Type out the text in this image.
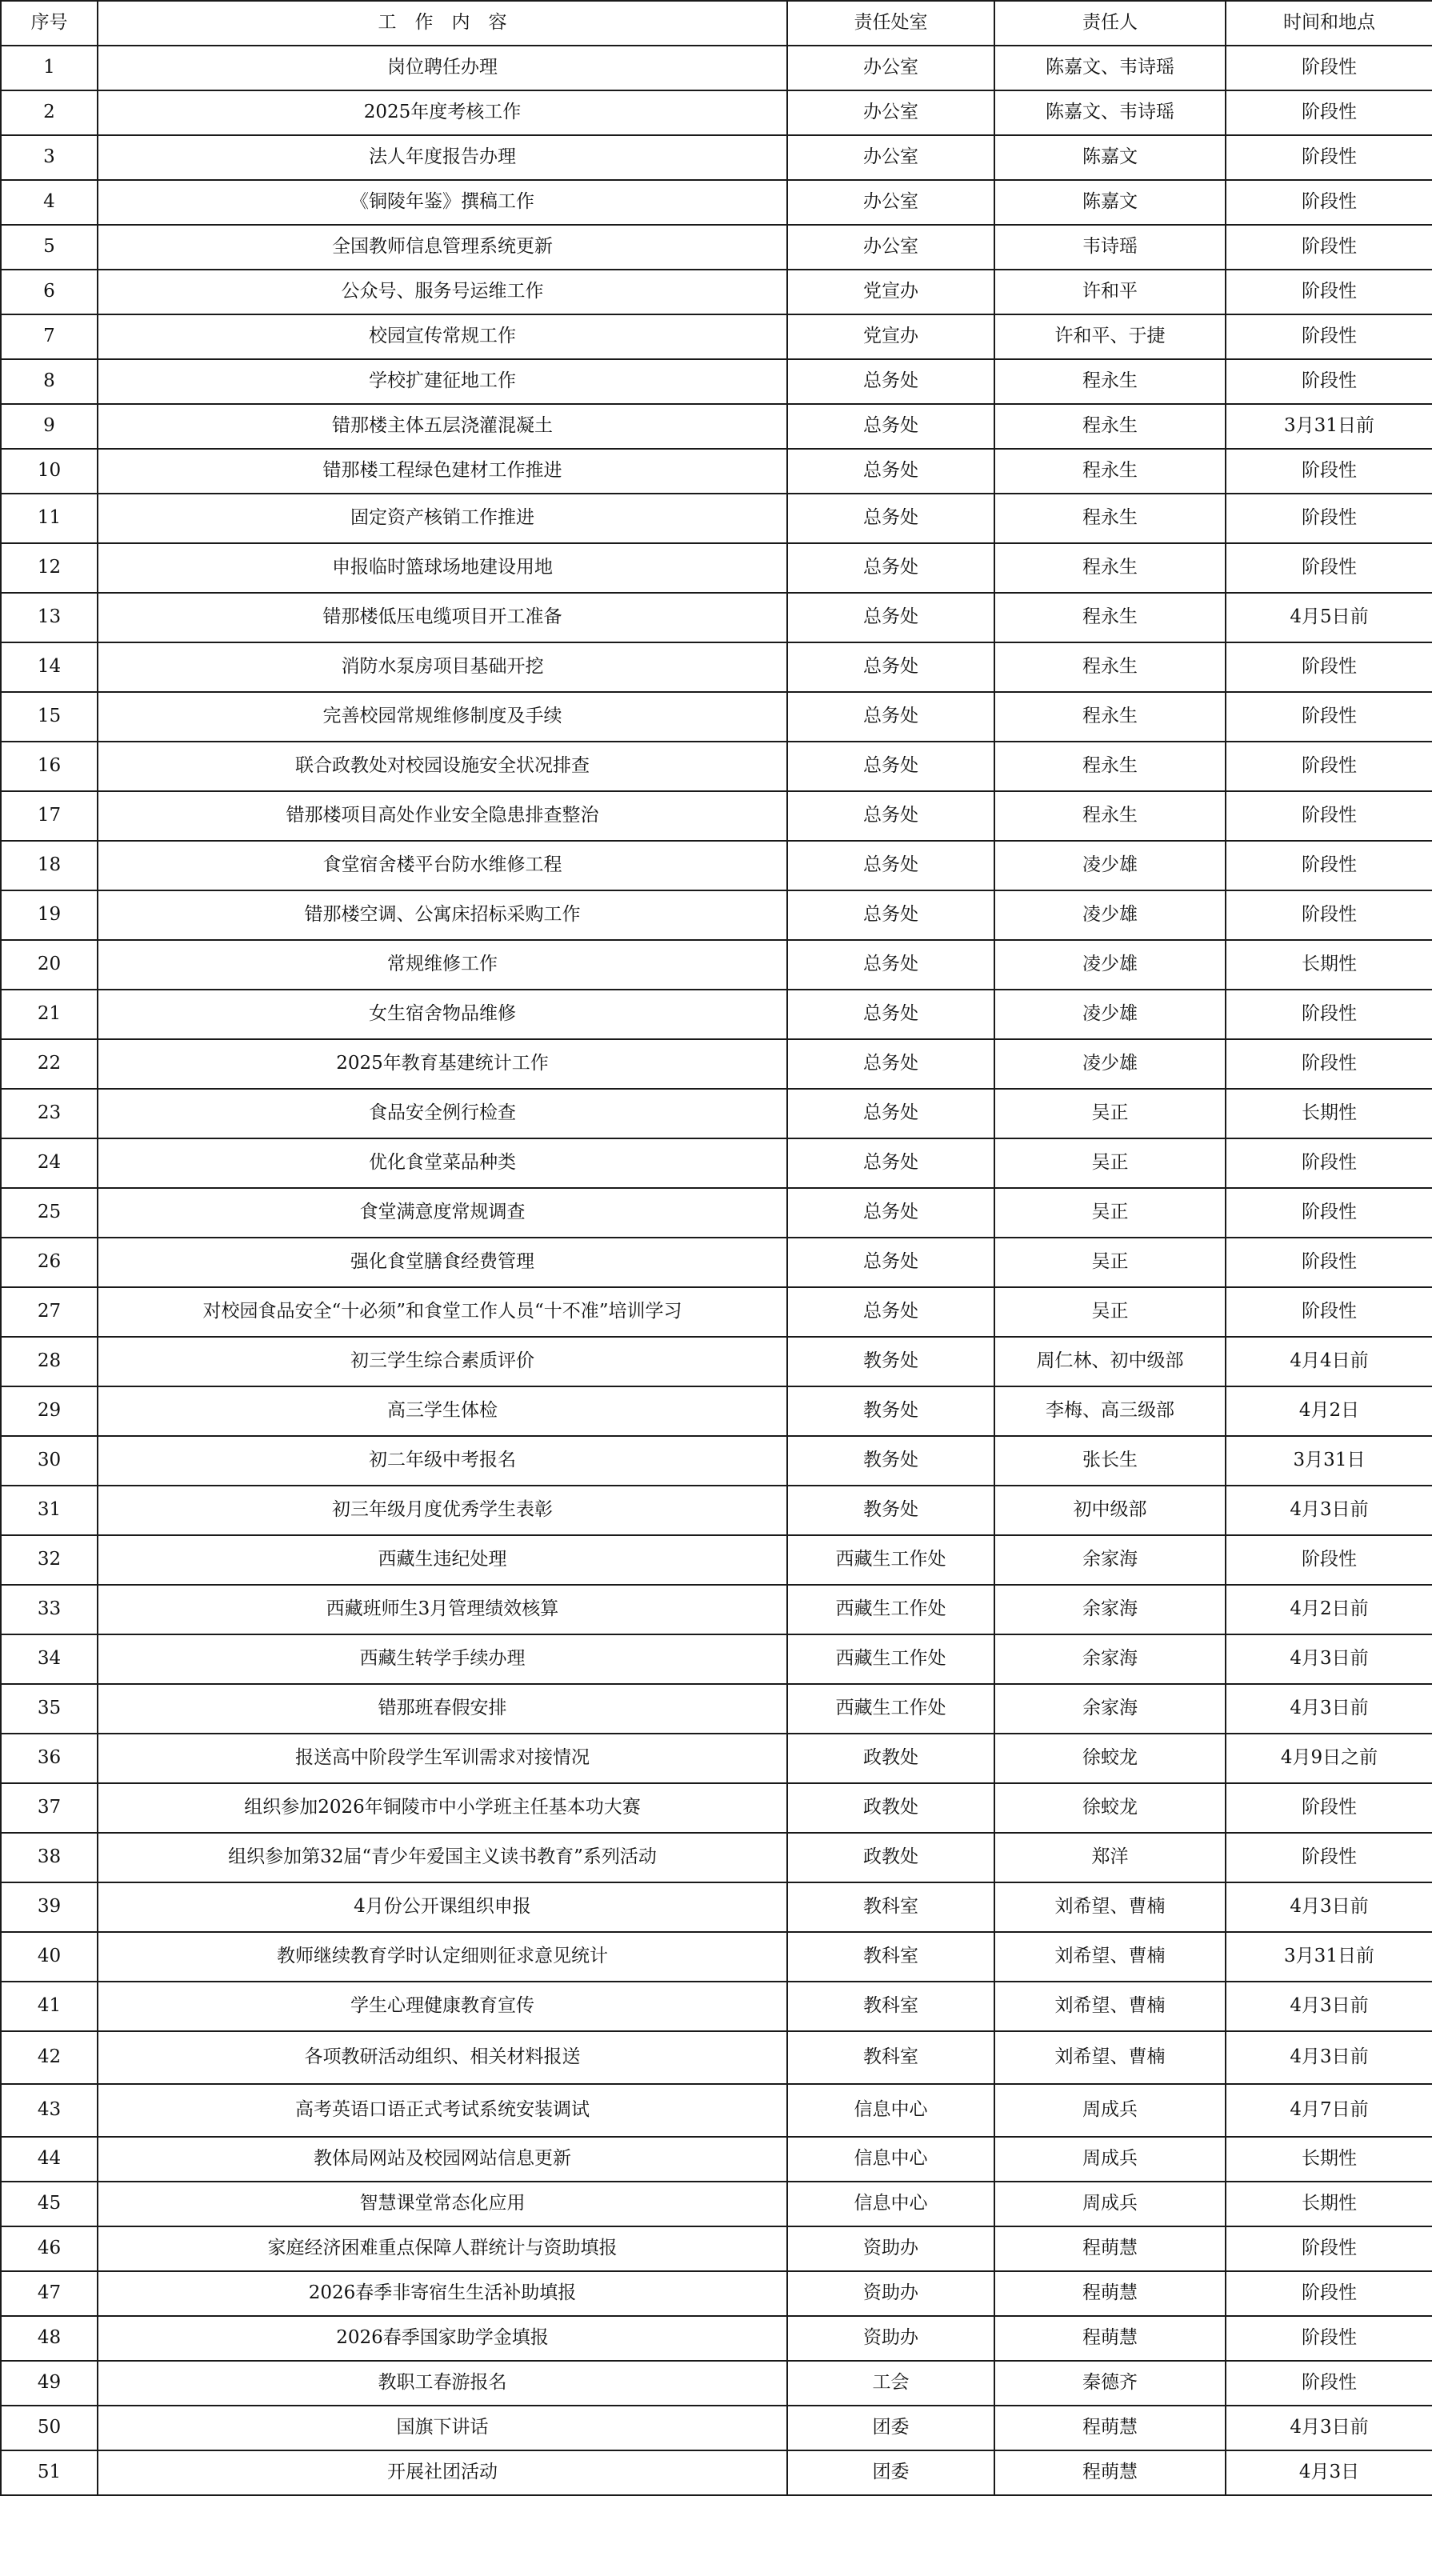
序号	工　作　内　容	责任处室	责任人	时间和地点
1	岗位聘任办理	办公室	陈嘉文、韦诗瑶	阶段性
2	2025年度考核工作	办公室	陈嘉文、韦诗瑶	阶段性
3	法人年度报告办理	办公室	陈嘉文	阶段性
4	《铜陵年鉴》撰稿工作	办公室	陈嘉文	阶段性
5	全国教师信息管理系统更新	办公室	韦诗瑶	阶段性
6	公众号、服务号运维工作	党宣办	许和平	阶段性
7	校园宣传常规工作	党宣办	许和平、于捷	阶段性
8	学校扩建征地工作	总务处	程永生	阶段性
9	错那楼主体五层浇灌混凝土	总务处	程永生	3月31日前
10	错那楼工程绿色建材工作推进	总务处	程永生	阶段性
11	固定资产核销工作推进	总务处	程永生	阶段性
12	申报临时篮球场地建设用地	总务处	程永生	阶段性
13	错那楼低压电缆项目开工准备	总务处	程永生	4月5日前
14	消防水泵房项目基础开挖	总务处	程永生	阶段性
15	完善校园常规维修制度及手续	总务处	程永生	阶段性
16	联合政教处对校园设施安全状况排查	总务处	程永生	阶段性
17	错那楼项目高处作业安全隐患排查整治	总务处	程永生	阶段性
18	食堂宿舍楼平台防水维修工程	总务处	凌少雄	阶段性
19	错那楼空调、公寓床招标采购工作	总务处	凌少雄	阶段性
20	常规维修工作	总务处	凌少雄	长期性
21	女生宿舍物品维修	总务处	凌少雄	阶段性
22	2025年教育基建统计工作	总务处	凌少雄	阶段性
23	食品安全例行检查	总务处	吴正	长期性
24	优化食堂菜品种类	总务处	吴正	阶段性
25	食堂满意度常规调查	总务处	吴正	阶段性
26	强化食堂膳食经费管理	总务处	吴正	阶段性
27	对校园食品安全“十必须”和食堂工作人员“十不准”培训学习	总务处	吴正	阶段性
28	初三学生综合素质评价	教务处	周仁林、初中级部	4月4日前
29	高三学生体检	教务处	李梅、高三级部	4月2日
30	初二年级中考报名	教务处	张长生	3月31日
31	初三年级月度优秀学生表彰	教务处	初中级部	4月3日前
32	西藏生违纪处理	西藏生工作处	余家海	阶段性
33	西藏班师生3月管理绩效核算	西藏生工作处	余家海	4月2日前
34	西藏生转学手续办理	西藏生工作处	余家海	4月3日前
35	错那班春假安排	西藏生工作处	余家海	4月3日前
36	报送高中阶段学生军训需求对接情况	政教处	徐蛟龙	4月9日之前
37	组织参加2026年铜陵市中小学班主任基本功大赛	政教处	徐蛟龙	阶段性
38	组织参加第32届“青少年爱国主义读书教育”系列活动	政教处	郑洋	阶段性
39	4月份公开课组织申报	教科室	刘希望、曹楠	4月3日前
40	教师继续教育学时认定细则征求意见统计	教科室	刘希望、曹楠	3月31日前
41	学生心理健康教育宣传	教科室	刘希望、曹楠	4月3日前
42	各项教研活动组织、相关材料报送	教科室	刘希望、曹楠	4月3日前
43	高考英语口语正式考试系统安装调试	信息中心	周成兵	4月7日前
44	教体局网站及校园网站信息更新	信息中心	周成兵	长期性
45	智慧课堂常态化应用	信息中心	周成兵	长期性
46	家庭经济困难重点保障人群统计与资助填报	资助办	程萌慧	阶段性
47	2026春季非寄宿生生活补助填报	资助办	程萌慧	阶段性
48	2026春季国家助学金填报	资助办	程萌慧	阶段性
49	教职工春游报名	工会	秦德齐	阶段性
50	国旗下讲话	团委	程萌慧	4月3日前
51	开展社团活动	团委	程萌慧	4月3日
